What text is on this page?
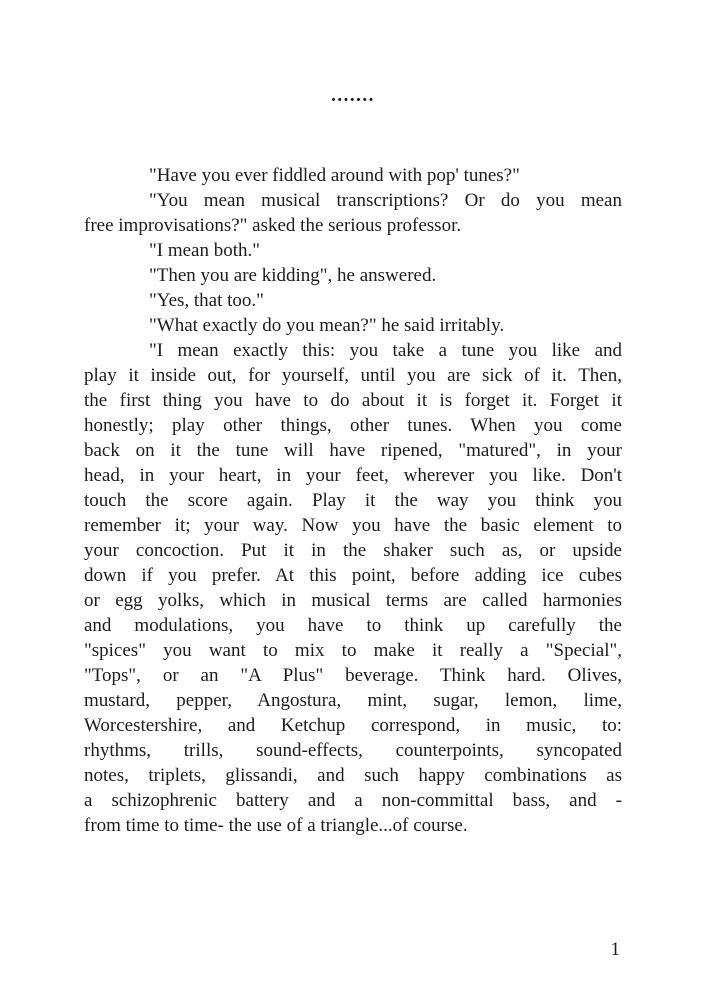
.......
"Have you ever fiddled around with pop' tunes?"
"You mean musical transcriptions? Or do you mean
free improvisations?" asked the serious professor.
"I mean both."
"Then you are kidding", he answered.
"Yes, that too."
"What exactly do you mean?" he said irritably.
"I mean exactly this: you take a tune you like and
play it inside out, for yourself, until you are sick of it. Then,
the first thing you have to do about it is forget it. Forget it
honestly; play other things, other tunes. When you come
back on it the tune will have ripened, "matured", in your
head, in your heart, in your feet, wherever you like. Don't
touch the score again. Play it the way you think you
remember it; your way. Now you have the basic element to
your concoction. Put it in the shaker such as, or upside
down if you prefer. At this point, before adding ice cubes
or egg yolks, which in musical terms are called harmonies
and modulations, you have to think up carefully the
"spices" you want to mix to make it really a "Special",
"Tops", or an "A Plus" beverage. Think hard. Olives,
mustard, pepper, Angostura, mint, sugar, lemon, lime,
Worcestershire, and Ketchup correspond, in music, to:
rhythms, trills, sound-effects, counterpoints, syncopated
notes, triplets, glissandi, and such happy combinations as
a schizophrenic battery and a non-committal bass, and -
from time to time- the use of a triangle...of course.
1
